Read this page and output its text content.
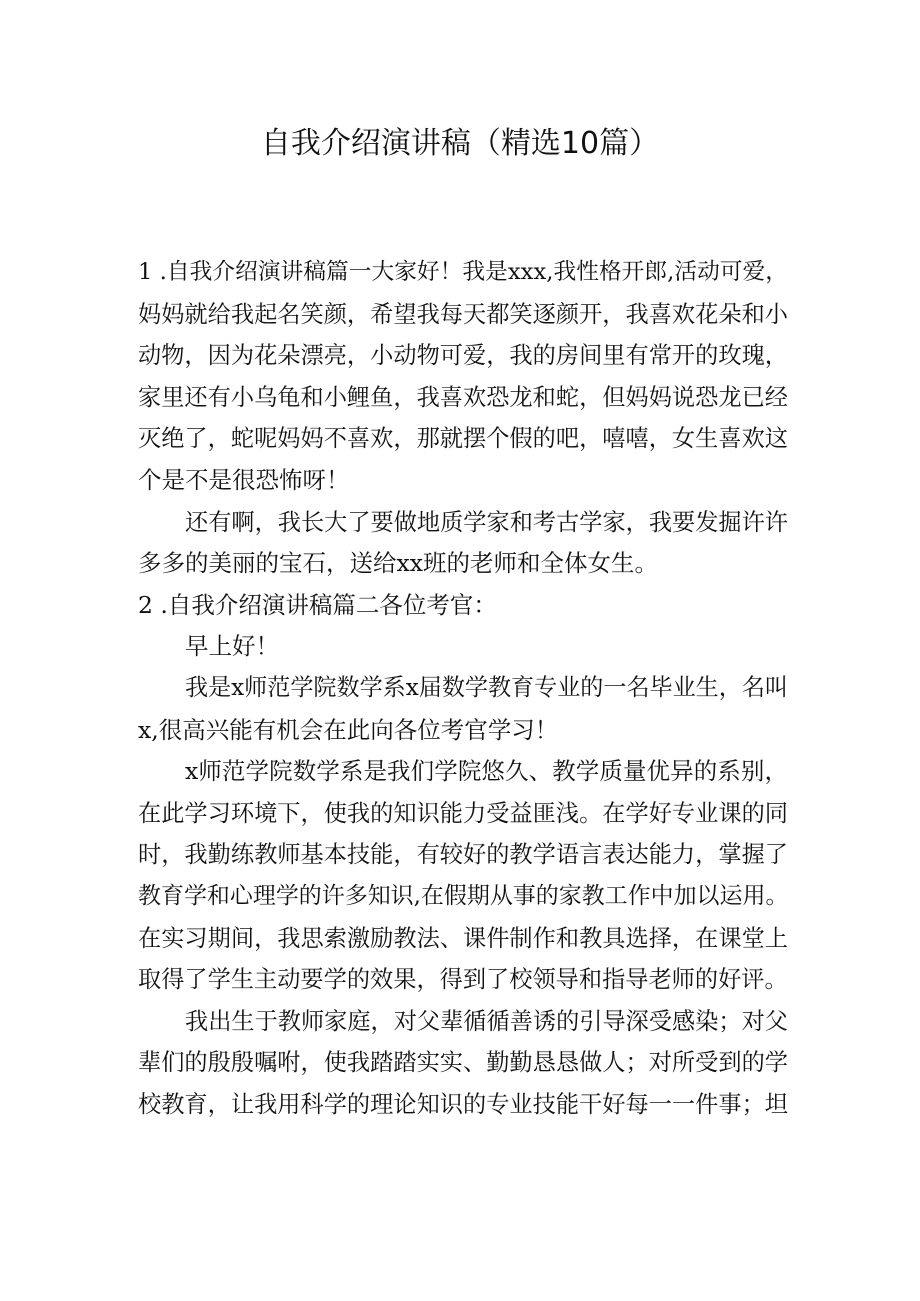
自我介绍演讲稿（精选10篇）
1 .自我介绍演讲稿篇一大家好！我是xxx,我性格开郎,活动可爱，
妈妈就给我起名笑颜，希望我每天都笑逐颜开，我喜欢花朵和小
动物，因为花朵漂亮，小动物可爱，我的房间里有常开的玫瑰，
家里还有小乌龟和小鲤鱼，我喜欢恐龙和蛇，但妈妈说恐龙已经
灭绝了，蛇呢妈妈不喜欢，那就摆个假的吧，嘻嘻，女生喜欢这
个是不是很恐怖呀！
还有啊，我长大了要做地质学家和考古学家，我要发掘许许
多多的美丽的宝石，送给xx班的老师和全体女生。
2 .自我介绍演讲稿篇二各位考官：
早上好！
我是x师范学院数学系x届数学教育专业的一名毕业生，名叫
x,很高兴能有机会在此向各位考官学习！
x师范学院数学系是我们学院悠久、教学质量优异的系别，
在此学习环境下，使我的知识能力受益匪浅。在学好专业课的同
时，我勤练教师基本技能，有较好的教学语言表达能力，掌握了
教育学和心理学的许多知识,在假期从事的家教工作中加以运用。
在实习期间，我思索激励教法、课件制作和教具选择，在课堂上
取得了学生主动要学的效果，得到了校领导和指导老师的好评。
我出生于教师家庭，对父辈循循善诱的引导深受感染；对父
辈们的殷殷嘱咐，使我踏踏实实、勤勤恳恳做人；对所受到的学
校教育，让我用科学的理论知识的专业技能干好每一一件事；坦
